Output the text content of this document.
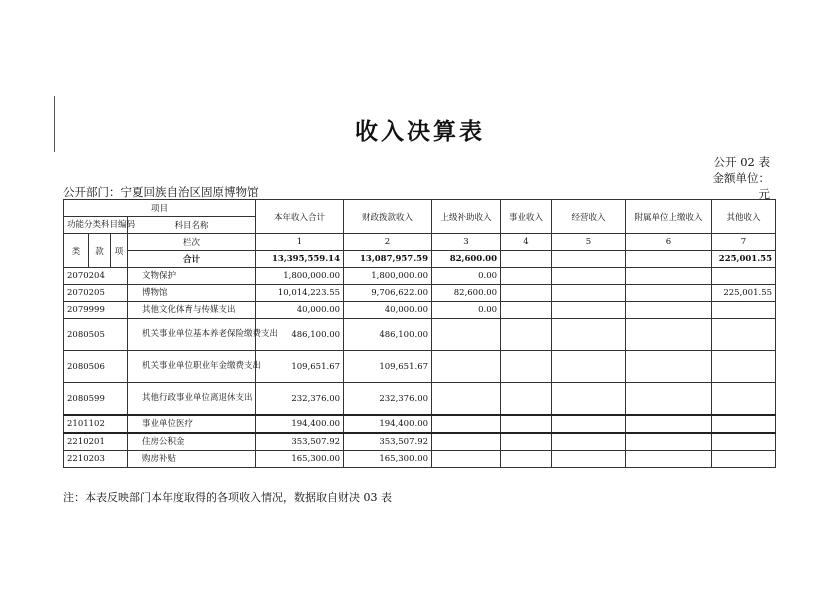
收入决算表
公开 02 表
金额单位：
元
公开部门：宁夏回族自治区固原博物馆
项目				本年收入合计	财政拨款收入	上级补助收入	事业收入	经营收入	附属单位上缴收入	其他收入
功能分类科目编码			科目名称							

类	款	项	栏次	1	2	3	4	5	6	7
			合计	13,395,559.14	13,087,957.59	82,600.00				225,001.55
2070204			文物保护	1,800,000.00	1,800,000.00	0.00				
2070205			博物馆	10,014,223.55	9,706,622.00	82,600.00				225,001.55
2079999			其他文化体育与传媒支出	40,000.00	40,000.00	0.00				
2080505			机关事业单位基本养老保险缴费支出	486,100.00	486,100.00					
2080506			机关事业单位职业年金缴费支出	109,651.67	109,651.67					
2080599			其他行政事业单位离退休支出	232,376.00	232,376.00					
2101102			事业单位医疗	194,400.00	194,400.00					
2210201			住房公积金	353,507.92	353,507.92					
2210203			购房补贴	165,300.00	165,300.00					
注：本表反映部门本年度取得的各项收入情况，数据取自财决 03 表
